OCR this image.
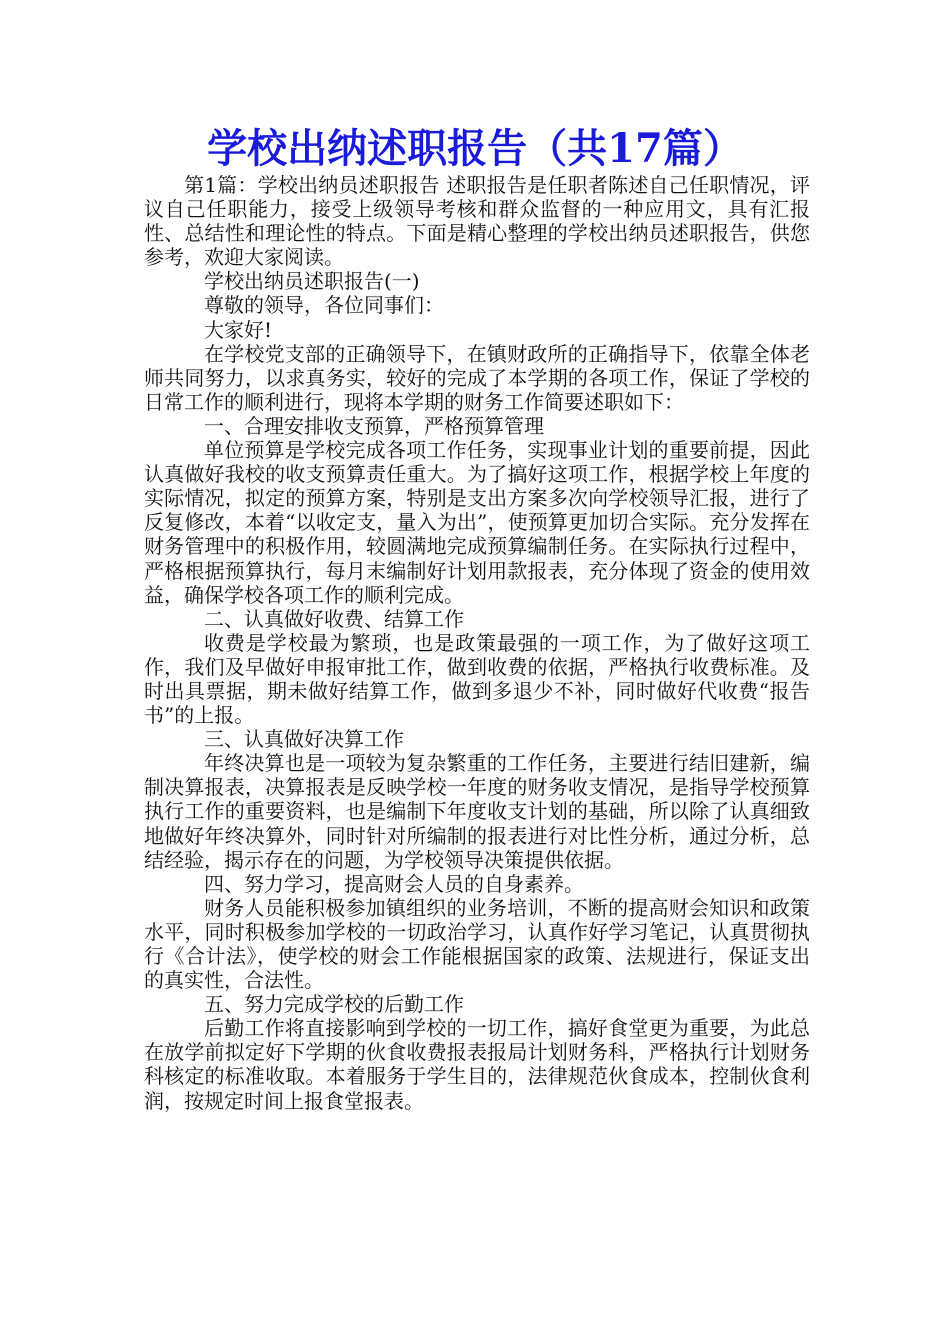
学校出纳述职报告（共17篇）

第1篇：学校出纳员述职报告 述职报告是任职者陈述自己任职情况，评议自己任职能力，接受上级领导考核和群众监督的一种应用文，具有汇报性、总结性和理论性的特点。下面是精心整理的学校出纳员述职报告，供您参考，欢迎大家阅读。

学校出纳员述职报告(一)

尊敬的领导，各位同事们：

大家好!

在学校党支部的正确领导下，在镇财政所的正确指导下，依靠全体老师共同努力，以求真务实，较好的完成了本学期的各项工作，保证了学校的日常工作的顺利进行，现将本学期的财务工作简要述职如下：

一、合理安排收支预算，严格预算管理

单位预算是学校完成各项工作任务，实现事业计划的重要前提，因此认真做好我校的收支预算责任重大。为了搞好这项工作，根据学校上年度的实际情况，拟定的预算方案，特别是支出方案多次向学校领导汇报，进行了反复修改，本着“以收定支，量入为出”，使预算更加切合实际。充分发挥在财务管理中的积极作用，较圆满地完成预算编制任务。在实际执行过程中，严格根据预算执行，每月末编制好计划用款报表，充分体现了资金的使用效益，确保学校各项工作的顺利完成。

二、认真做好收费、结算工作

收费是学校最为繁琐，也是政策最强的一项工作，为了做好这项工作，我们及早做好申报审批工作，做到收费的依据，严格执行收费标准。及时出具票据，期未做好结算工作，做到多退少不补，同时做好代收费“报告书”的上报。

三、认真做好决算工作

年终决算也是一项较为复杂繁重的工作任务，主要进行结旧建新，编制决算报表，决算报表是反映学校一年度的财务收支情况，是指导学校预算执行工作的重要资料，也是编制下年度收支计划的基础，所以除了认真细致地做好年终决算外，同时针对所编制的报表进行对比性分析，通过分析，总结经验，揭示存在的问题，为学校领导决策提供依据。

四、努力学习，提高财会人员的自身素养。

财务人员能积极参加镇组织的业务培训，不断的提高财会知识和政策水平，同时积极参加学校的一切政治学习，认真作好学习笔记，认真贯彻执行《合计法》，使学校的财会工作能根据国家的政策、法规进行，保证支出的真实性，合法性。

五、努力完成学校的后勤工作

后勤工作将直接影响到学校的一切工作，搞好食堂更为重要，为此总在放学前拟定好下学期的伙食收费报表报局计划财务科，严格执行计划财务科核定的标准收取。本着服务于学生目的，法律规范伙食成本，控制伙食利润，按规定时间上报食堂报表。
